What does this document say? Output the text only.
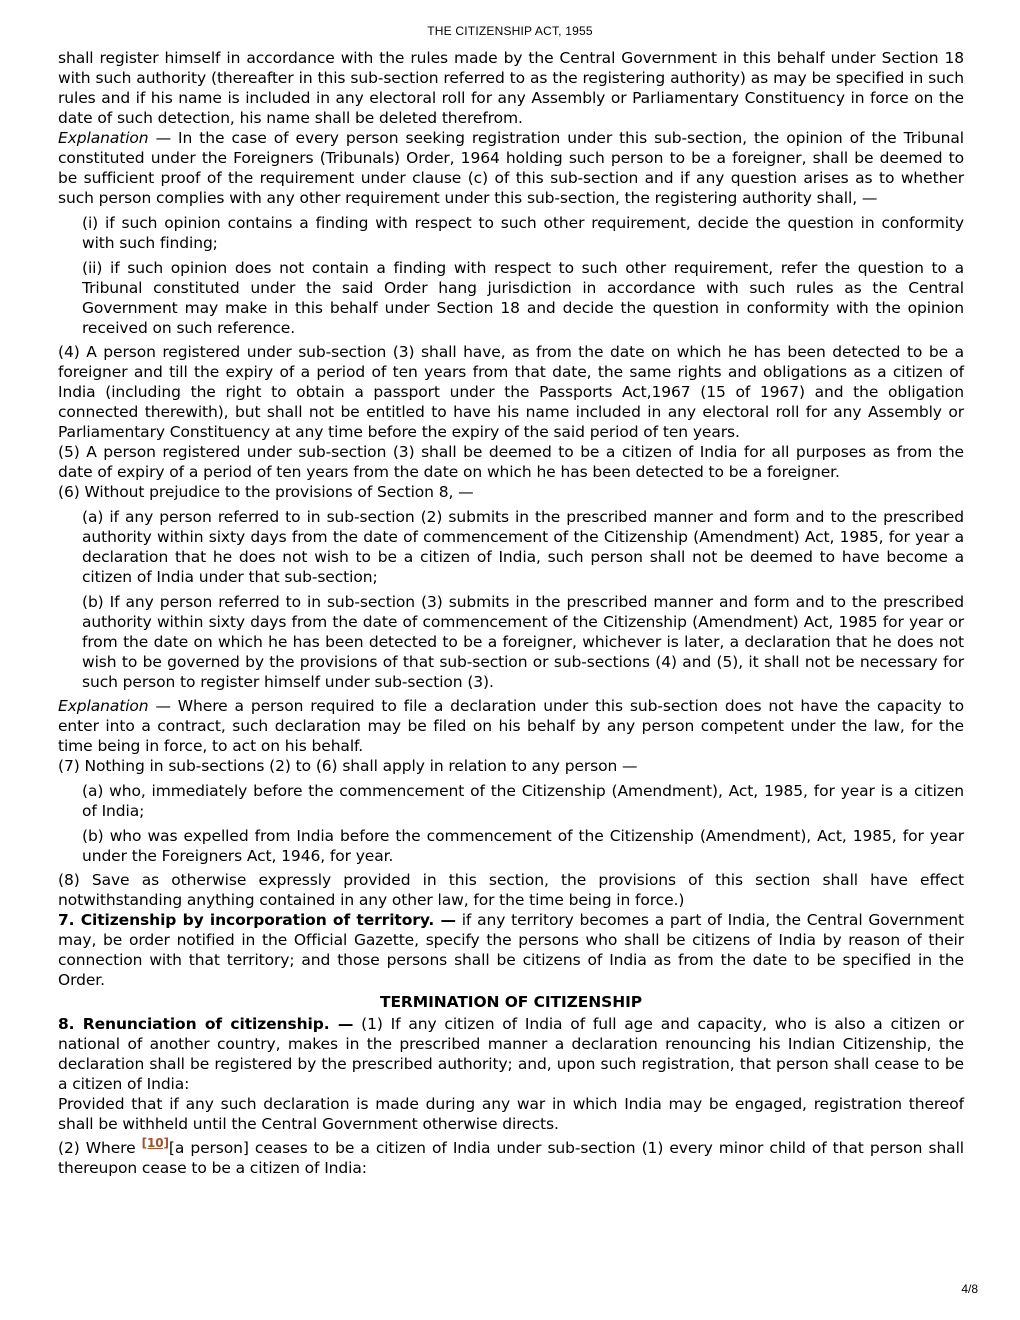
THE CITIZENSHIP ACT, 1955

shall register himself in accordance with the rules made by the Central Government in this behalf under Section 18 with such authority (thereafter in this sub-section referred to as the registering authority) as may be specified in such rules and if his name is included in any electoral roll for any Assembly or Parliamentary Constituency in force on the date of such detection, his name shall be deleted therefrom.

Explanation — In the case of every person seeking registration under this sub-section, the opinion of the Tribunal constituted under the Foreigners (Tribunals) Order, 1964 holding such person to be a foreigner, shall be deemed to be sufficient proof of the requirement under clause (c) of this sub-section and if any question arises as to whether such person complies with any other requirement under this sub-section, the registering authority shall, —

(i) if such opinion contains a finding with respect to such other requirement, decide the question in conformity with such finding;

(ii) if such opinion does not contain a finding with respect to such other requirement, refer the question to a Tribunal constituted under the said Order hang jurisdiction in accordance with such rules as the Central Government may make in this behalf under Section 18 and decide the question in conformity with the opinion received on such reference.

(4) A person registered under sub-section (3) shall have, as from the date on which he has been detected to be a foreigner and till the expiry of a period of ten years from that date, the same rights and obligations as a citizen of India (including the right to obtain a passport under the Passports Act,1967 (15 of 1967) and the obligation connected therewith), but shall not be entitled to have his name included in any electoral roll for any Assembly or Parliamentary Constituency at any time before the expiry of the said period of ten years.

(5) A person registered under sub-section (3) shall be deemed to be a citizen of India for all purposes as from the date of expiry of a period of ten years from the date on which he has been detected to be a foreigner.

(6) Without prejudice to the provisions of Section 8, —

(a) if any person referred to in sub-section (2) submits in the prescribed manner and form and to the prescribed authority within sixty days from the date of commencement of the Citizenship (Amendment) Act, 1985, for year a declaration that he does not wish to be a citizen of India, such person shall not be deemed to have become a citizen of India under that sub-section;

(b) If any person referred to in sub-section (3) submits in the prescribed manner and form and to the prescribed authority within sixty days from the date of commencement of the Citizenship (Amendment) Act, 1985 for year or from the date on which he has been detected to be a foreigner, whichever is later, a declaration that he does not wish to be governed by the provisions of that sub-section or sub-sections (4) and (5), it shall not be necessary for such person to register himself under sub-section (3).

Explanation — Where a person required to file a declaration under this sub-section does not have the capacity to enter into a contract, such declaration may be filed on his behalf by any person competent under the law, for the time being in force, to act on his behalf.

(7) Nothing in sub-sections (2) to (6) shall apply in relation to any person —

(a) who, immediately before the commencement of the Citizenship (Amendment), Act, 1985, for year is a citizen of India;

(b) who was expelled from India before the commencement of the Citizenship (Amendment), Act, 1985, for year under the Foreigners Act, 1946, for year.

(8) Save as otherwise expressly provided in this section, the provisions of this section shall have effect notwithstanding anything contained in any other law, for the time being in force.)

7. Citizenship by incorporation of territory. — if any territory becomes a part of India, the Central Government may, be order notified in the Official Gazette, specify the persons who shall be citizens of India by reason of their connection with that territory; and those persons shall be citizens of India as from the date to be specified in the Order.

TERMINATION OF CITIZENSHIP

8. Renunciation of citizenship. — (1) If any citizen of India of full age and capacity, who is also a citizen or national of another country, makes in the prescribed manner a declaration renouncing his Indian Citizenship, the declaration shall be registered by the prescribed authority; and, upon such registration, that person shall cease to be a citizen of India:

Provided that if any such declaration is made during any war in which India may be engaged, registration thereof shall be withheld until the Central Government otherwise directs.

(2) Where [10][a person] ceases to be a citizen of India under sub-section (1) every minor child of that person shall thereupon cease to be a citizen of India:

4/8
